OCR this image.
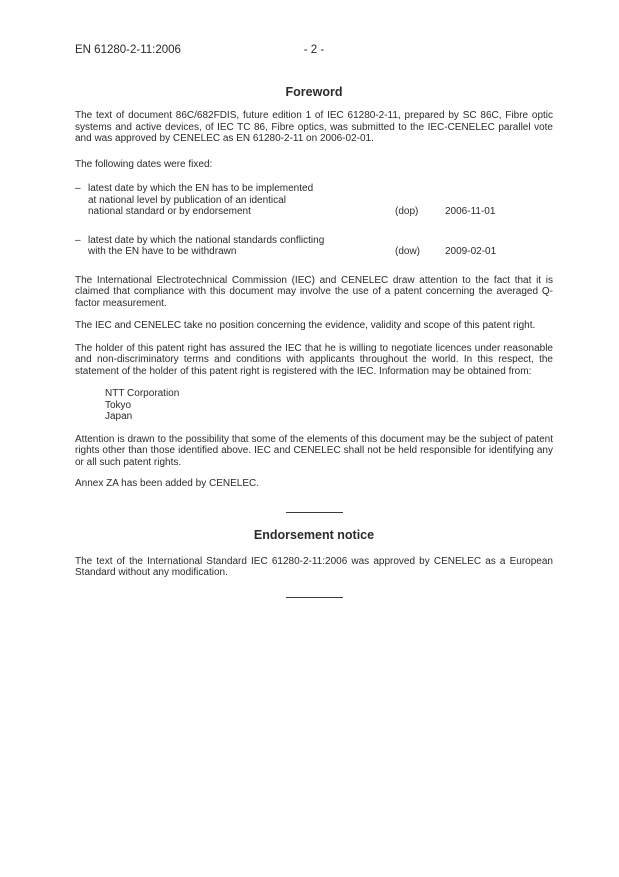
EN 61280-2-11:2006	- 2 -
Foreword

The text of document 86C/682FDIS, future edition 1 of IEC 61280-2-11, prepared by SC 86C, Fibre optic systems and active devices, of IEC TC 86, Fibre optics, was submitted to the IEC-CENELEC parallel vote and was approved by CENELEC as EN 61280-2-11 on 2006-02-01.

The following dates were fixed:

– latest date by which the EN has to be implemented
at national level by publication of an identical
national standard or by endorsement	(dop)	2006-11-01
– latest date by which the national standards conflicting
with the EN have to be withdrawn	(dow) 2009-02-01

The International Electrotechnical Commission (IEC) and CENELEC draw attention to the fact that it is claimed that compliance with this document may involve the use of a patent concerning the averaged Q-factor measurement.

The IEC and CENELEC take no position concerning the evidence, validity and scope of this patent right.

The holder of this patent right has assured the IEC that he is willing to negotiate licences under reasonable and non-discriminatory terms and conditions with applicants throughout the world. In this respect, the statement of the holder of this patent right is registered with the IEC. Information may be obtained from:

NTT Corporation
Tokyo
Japan

Attention is drawn to the possibility that some of the elements of this document may be the subject of patent rights other than those identified above. IEC and CENELEC shall not be held responsible for identifying any or all such patent rights.

Annex ZA has been added by CENELEC.

Endorsement notice

The text of the International Standard IEC 61280-2-11:2006 was approved by CENELEC as a European Standard without any modification.
